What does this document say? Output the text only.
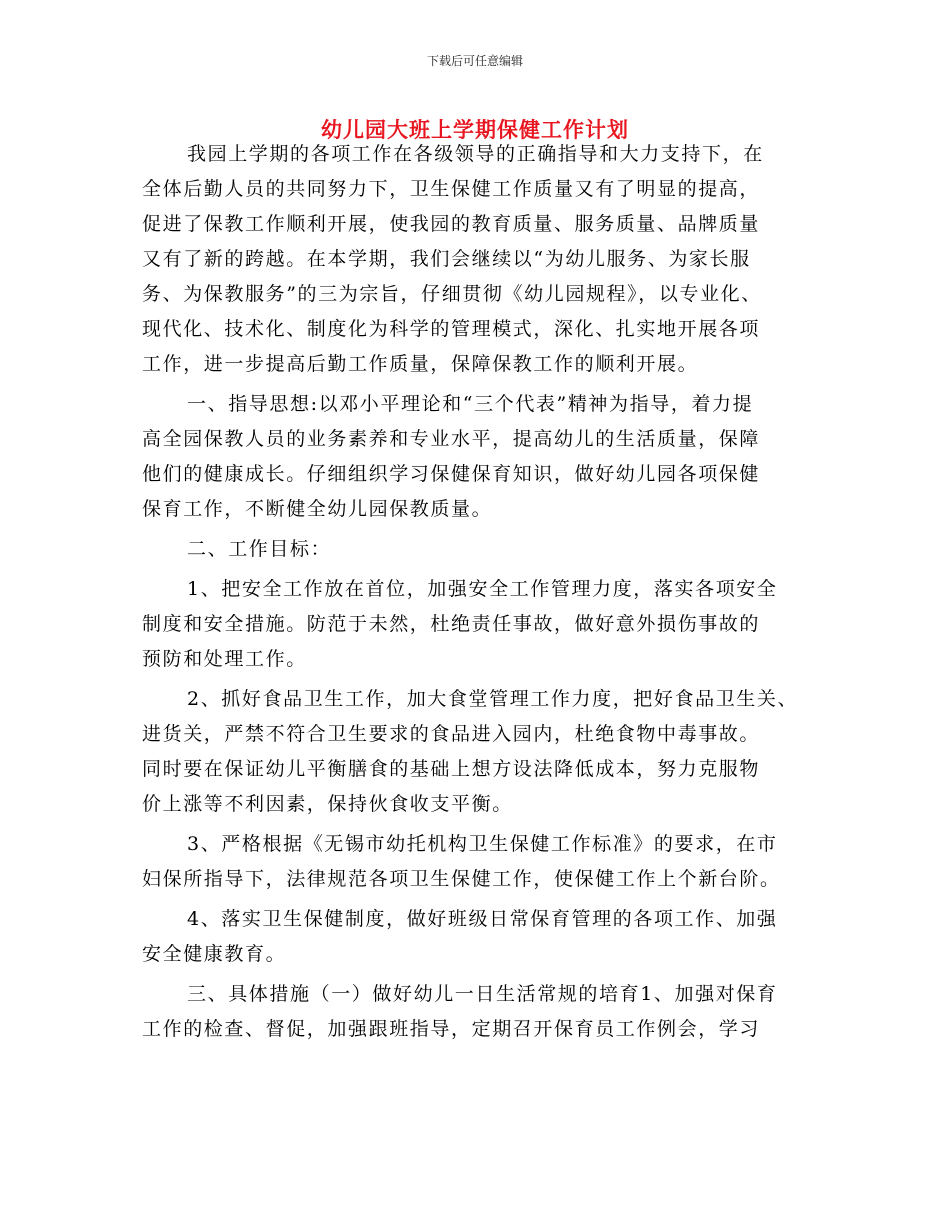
下载后可任意编辑
幼儿园大班上学期保健工作计划
我园上学期的各项工作在各级领导的正确指导和大力支持下，在
全体后勤人员的共同努力下，卫生保健工作质量又有了明显的提高，
促进了保教工作顺利开展，使我园的教育质量、服务质量、品牌质量
又有了新的跨越。在本学期，我们会继续以“为幼儿服务、为家长服
务、为保教服务”的三为宗旨，仔细贯彻《幼儿园规程》，以专业化、
现代化、技术化、制度化为科学的管理模式，深化、扎实地开展各项
工作，进一步提高后勤工作质量，保障保教工作的顺利开展。
一、指导思想:以邓小平理论和“三个代表”精神为指导，着力提
高全园保教人员的业务素养和专业水平，提高幼儿的生活质量，保障
他们的健康成长。仔细组织学习保健保育知识，做好幼儿园各项保健
保育工作，不断健全幼儿园保教质量。
二、工作目标：
1、把安全工作放在首位，加强安全工作管理力度，落实各项安全
制度和安全措施。防范于未然，杜绝责任事故，做好意外损伤事故的
预防和处理工作。
2、抓好食品卫生工作，加大食堂管理工作力度，把好食品卫生关、
进货关，严禁不符合卫生要求的食品进入园内，杜绝食物中毒事故。
同时要在保证幼儿平衡膳食的基础上想方设法降低成本，努力克服物
价上涨等不利因素，保持伙食收支平衡。
3、严格根据《无锡市幼托机构卫生保健工作标准》的要求，在市
妇保所指导下，法律规范各项卫生保健工作，使保健工作上个新台阶。
4、落实卫生保健制度，做好班级日常保育管理的各项工作、加强
安全健康教育。
三、具体措施（一）做好幼儿一日生活常规的培育1、加强对保育
工作的检查、督促，加强跟班指导，定期召开保育员工作例会，学习
